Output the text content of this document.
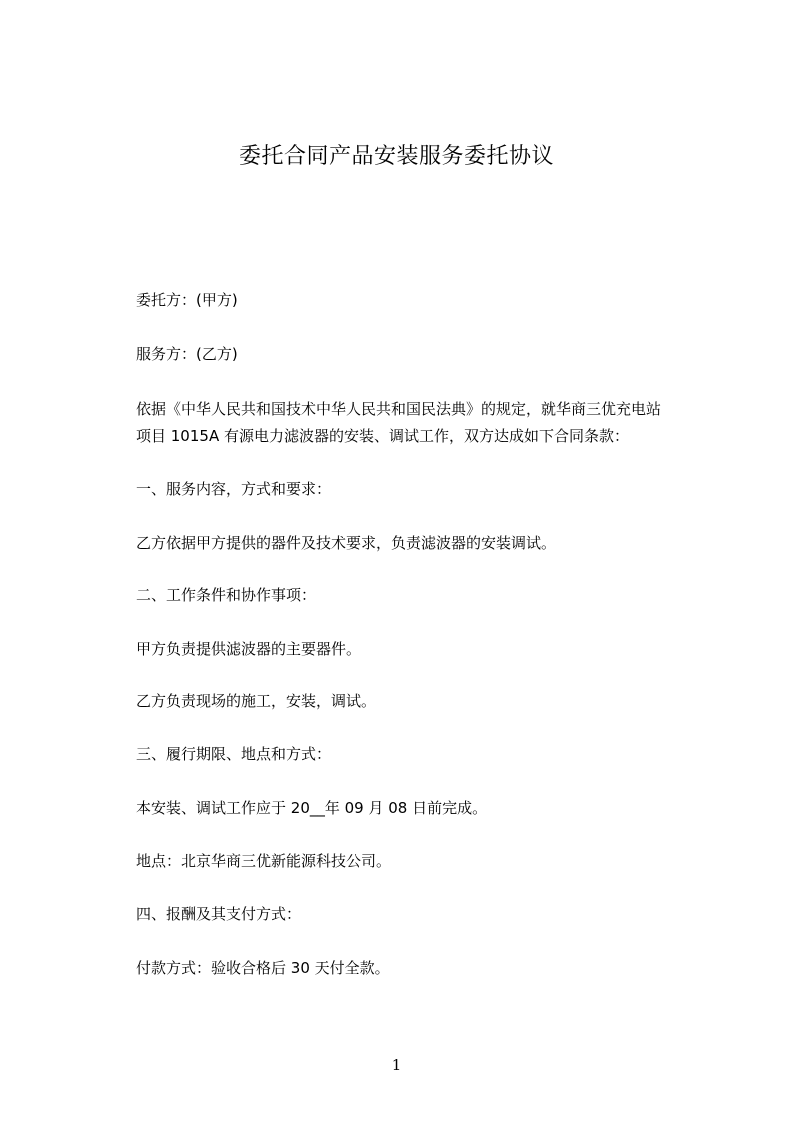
委托合同产品安装服务委托协议
委托方：(甲方)
服务方：(乙方)
依据《中华人民共和国技术中华人民共和国民法典》的规定，就华商三优充电站
项目 1015A 有源电力滤波器的安装、调试工作，双方达成如下合同条款：
一、服务内容，方式和要求：
乙方依据甲方提供的器件及技术要求，负责滤波器的安装调试。
二、工作条件和协作事项：
甲方负责提供滤波器的主要器件。
乙方负责现场的施工，安装，调试。
三、履行期限、地点和方式：
本安装、调试工作应于 20__年 09 月 08 日前完成。
地点：北京华商三优新能源科技公司。
四、报酬及其支付方式：
付款方式：验收合格后 30 天付全款。
1
